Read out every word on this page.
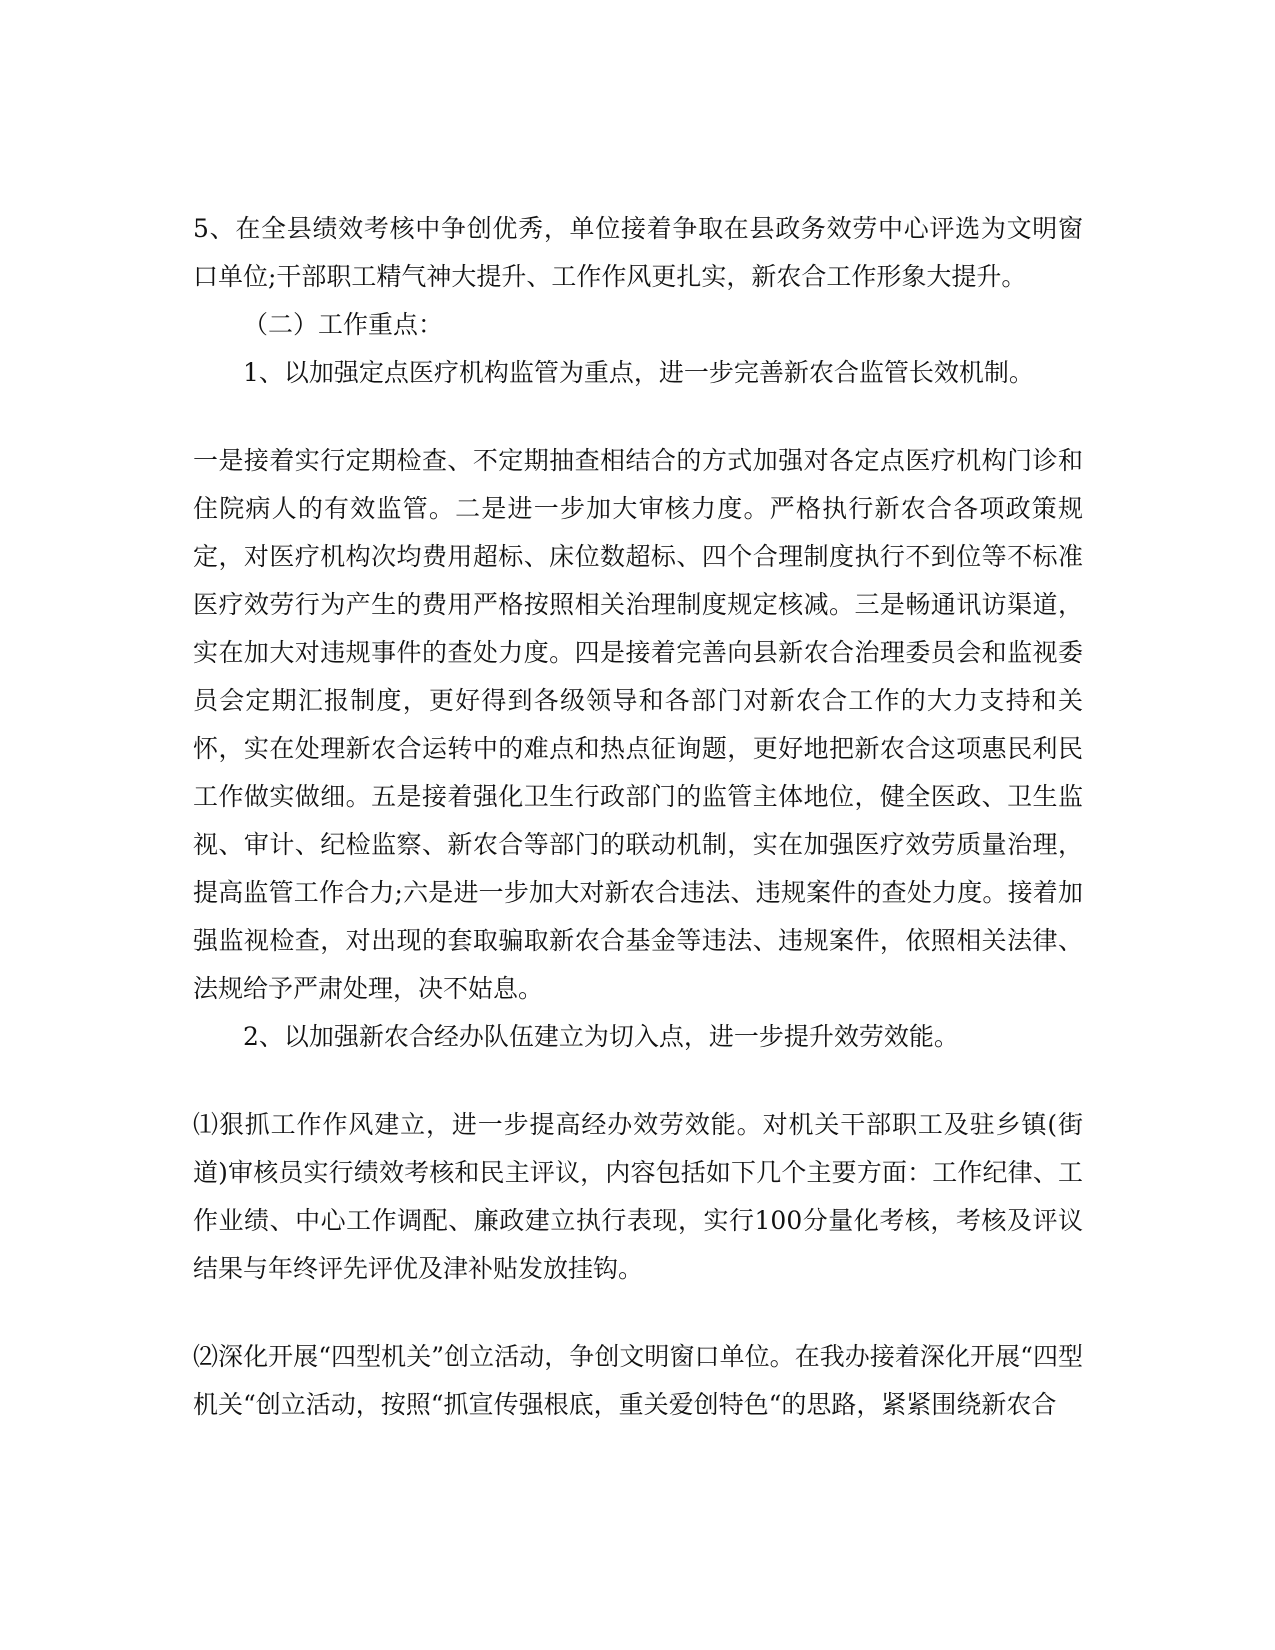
5、在全县绩效考核中争创优秀，单位接着争取在县政务效劳中心评选为文明窗口单位;干部职工精气神大提升、工作作风更扎实，新农合工作形象大提升。

（二）工作重点：

1、以加强定点医疗机构监管为重点，进一步完善新农合监管长效机制。

一是接着实行定期检查、不定期抽查相结合的方式加强对各定点医疗机构门诊和住院病人的有效监管。二是进一步加大审核力度。严格执行新农合各项政策规定，对医疗机构次均费用超标、床位数超标、四个合理制度执行不到位等不标准医疗效劳行为产生的费用严格按照相关治理制度规定核减。三是畅通讯访渠道，实在加大对违规事件的查处力度。四是接着完善向县新农合治理委员会和监视委员会定期汇报制度，更好得到各级领导和各部门对新农合工作的大力支持和关怀，实在处理新农合运转中的难点和热点征询题，更好地把新农合这项惠民利民工作做实做细。五是接着强化卫生行政部门的监管主体地位，健全医政、卫生监视、审计、纪检监察、新农合等部门的联动机制，实在加强医疗效劳质量治理，提高监管工作合力;六是进一步加大对新农合违法、违规案件的查处力度。接着加强监视检查，对出现的套取骗取新农合基金等违法、违规案件，依照相关法律、法规给予严肃处理，决不姑息。

2、以加强新农合经办队伍建立为切入点，进一步提升效劳效能。

⑴狠抓工作作风建立，进一步提高经办效劳效能。对机关干部职工及驻乡镇(街道)审核员实行绩效考核和民主评议，内容包括如下几个主要方面：工作纪律、工作业绩、中心工作调配、廉政建立执行表现，实行100分量化考核，考核及评议结果与年终评先评优及津补贴发放挂钩。

⑵深化开展“四型机关”创立活动，争创文明窗口单位。在我办接着深化开展“四型机关“创立活动，按照“抓宣传强根底，重关爱创特色“的思路，紧紧围绕新农合
